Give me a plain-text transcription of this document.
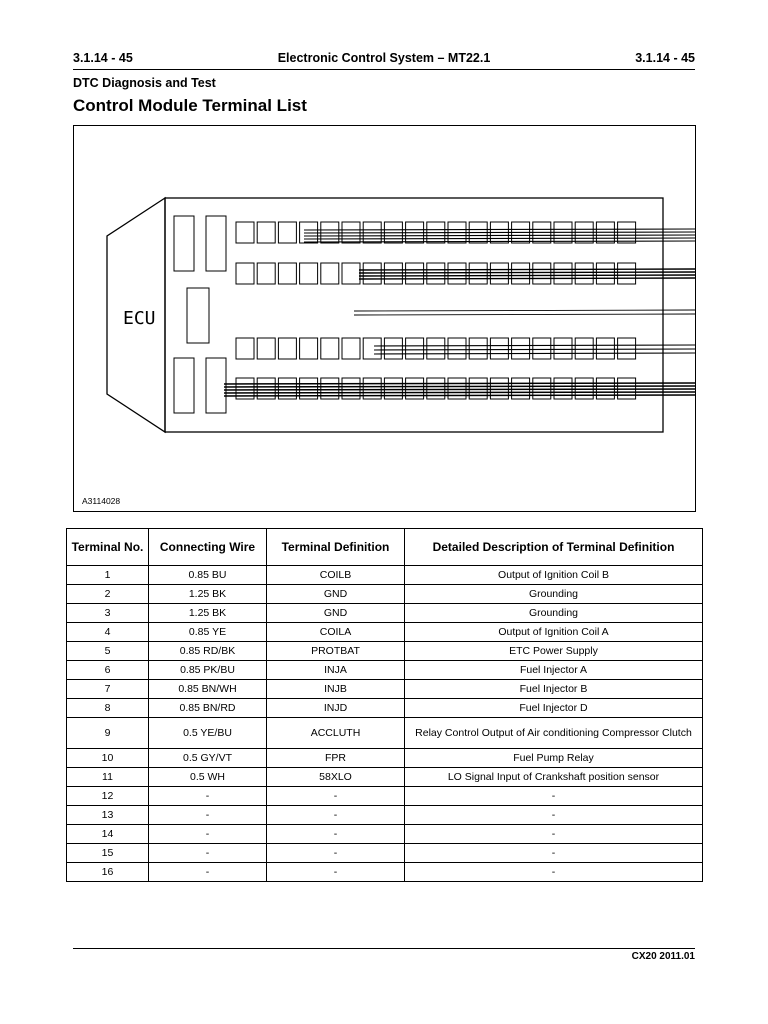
3.1.14 - 45	Electronic Control System – MT22.1	3.1.14 - 45
DTC Diagnosis and Test
Control Module Terminal List
ECU
A3114028
Terminal No.	Connecting Wire	Terminal Definition	Detailed Description of Terminal Definition
1	0.85 BU	COILB	Output of Ignition Coil B
2	1.25 BK	GND	Grounding
3	1.25 BK	GND	Grounding
4	0.85 YE	COILA	Output of Ignition Coil A
5	0.85 RD/BK	PROTBAT	ETC Power Supply
6	0.85 PK/BU	INJA	Fuel Injector A
7	0.85 BN/WH	INJB	Fuel Injector B
8	0.85 BN/RD	INJD	Fuel Injector D
9	0.5 YE/BU	ACCLUTH	Relay Control Output of Air conditioning Compressor Clutch
10	0.5 GY/VT	FPR	Fuel Pump Relay
11	0.5 WH	58XLO	LO Signal Input of Crankshaft position sensor
12	-	-	-
13	-	-	-
14	-	-	-
15	-	-	-
16	-	-	-
CX20 2011.01
